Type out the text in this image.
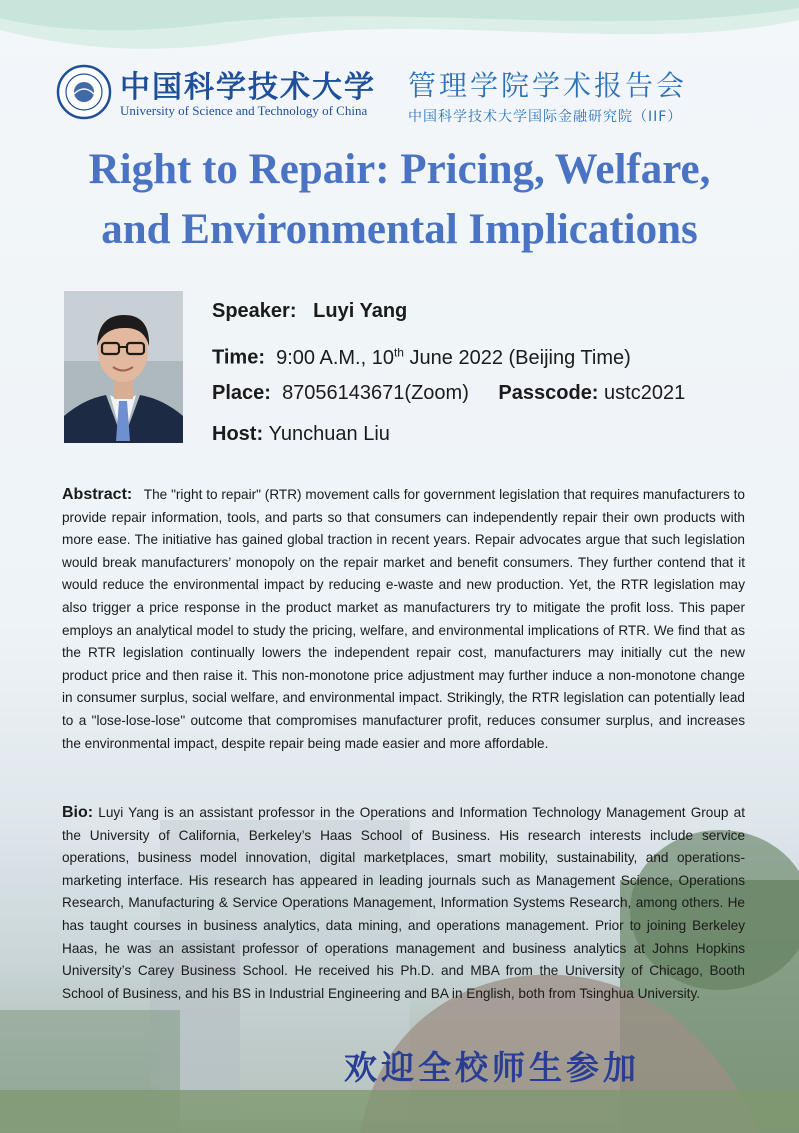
中国科学技术大学
University of Science and Technology of China
管理学院学术报告会
中国科学技术大学国际金融研究院（IIF）
Right to Repair: Pricing, Welfare,
and Environmental Implications
Speaker: Luyi Yang
Time: 9:00 A.M., 10th June 2022 (Beijing Time)
Place: 87056143671(Zoom) Passcode: ustc2021
Host: Yunchuan Liu

Abstract: The "right to repair" (RTR) movement calls for government legislation that requires manufacturers to provide repair information, tools, and parts so that consumers can independently repair their own products with more ease. The initiative has gained global traction in recent years. Repair advocates argue that such legislation would break manufacturers’ monopoly on the repair market and benefit consumers. They further contend that it would reduce the environmental impact by reducing e-waste and new production. Yet, the RTR legislation may also trigger a price response in the product market as manufacturers try to mitigate the profit loss. This paper employs an analytical model to study the pricing, welfare, and environmental implications of RTR. We find that as the RTR legislation continually lowers the independent repair cost, manufacturers may initially cut the new product price and then raise it. This non-monotone price adjustment may further induce a non-monotone change in consumer surplus, social welfare, and environmental impact. Strikingly, the RTR legislation can potentially lead to a "lose-lose-lose" outcome that compromises manufacturer profit, reduces consumer surplus, and increases the environmental impact, despite repair being made easier and more affordable.

Bio: Luyi Yang is an assistant professor in the Operations and Information Technology Management Group at the University of California, Berkeley’s Haas School of Business. His research interests include service operations, business model innovation, digital marketplaces, smart mobility, sustainability, and operations-marketing interface. His research has appeared in leading journals such as Management Science, Operations Research, Manufacturing & Service Operations Management, Information Systems Research, among others. He has taught courses in business analytics, data mining, and operations management. Prior to joining Berkeley Haas, he was an assistant professor of operations management and business analytics at Johns Hopkins University’s Carey Business School. He received his Ph.D. and MBA from the University of Chicago, Booth School of Business, and his BS in Industrial Engineering and BA in English, both from Tsinghua University.

欢迎全校师生参加
